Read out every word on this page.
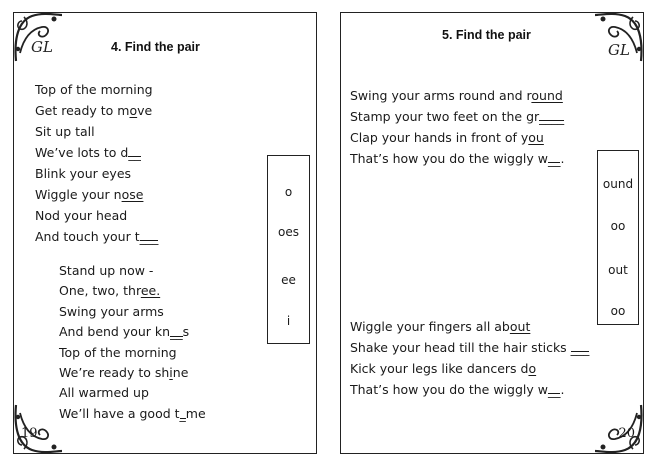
GL
19
4. Find the pair
Top of the morning
Get ready to move
Sit up tall
We’ve lots to d__
Blink your eyes
Wiggle your nose
Nod your head
And touch your t___
Stand up now -
One, two, three.
Swing your arms
And bend your kn__s
Top of the morning
We’re ready to shine
All warmed up
We’ll have a good t_me
o
oes
ee
i
GL
20
5. Find the pair
Swing your arms round and round
Stamp your two feet on the gr____
Clap your hands in front of you
That’s how you do the wiggly w__.
Wiggle your fingers all about
Shake your head till the hair sticks ___
Kick your legs like dancers do
That’s how you do the wiggly w__.
ound
oo
out
oo
